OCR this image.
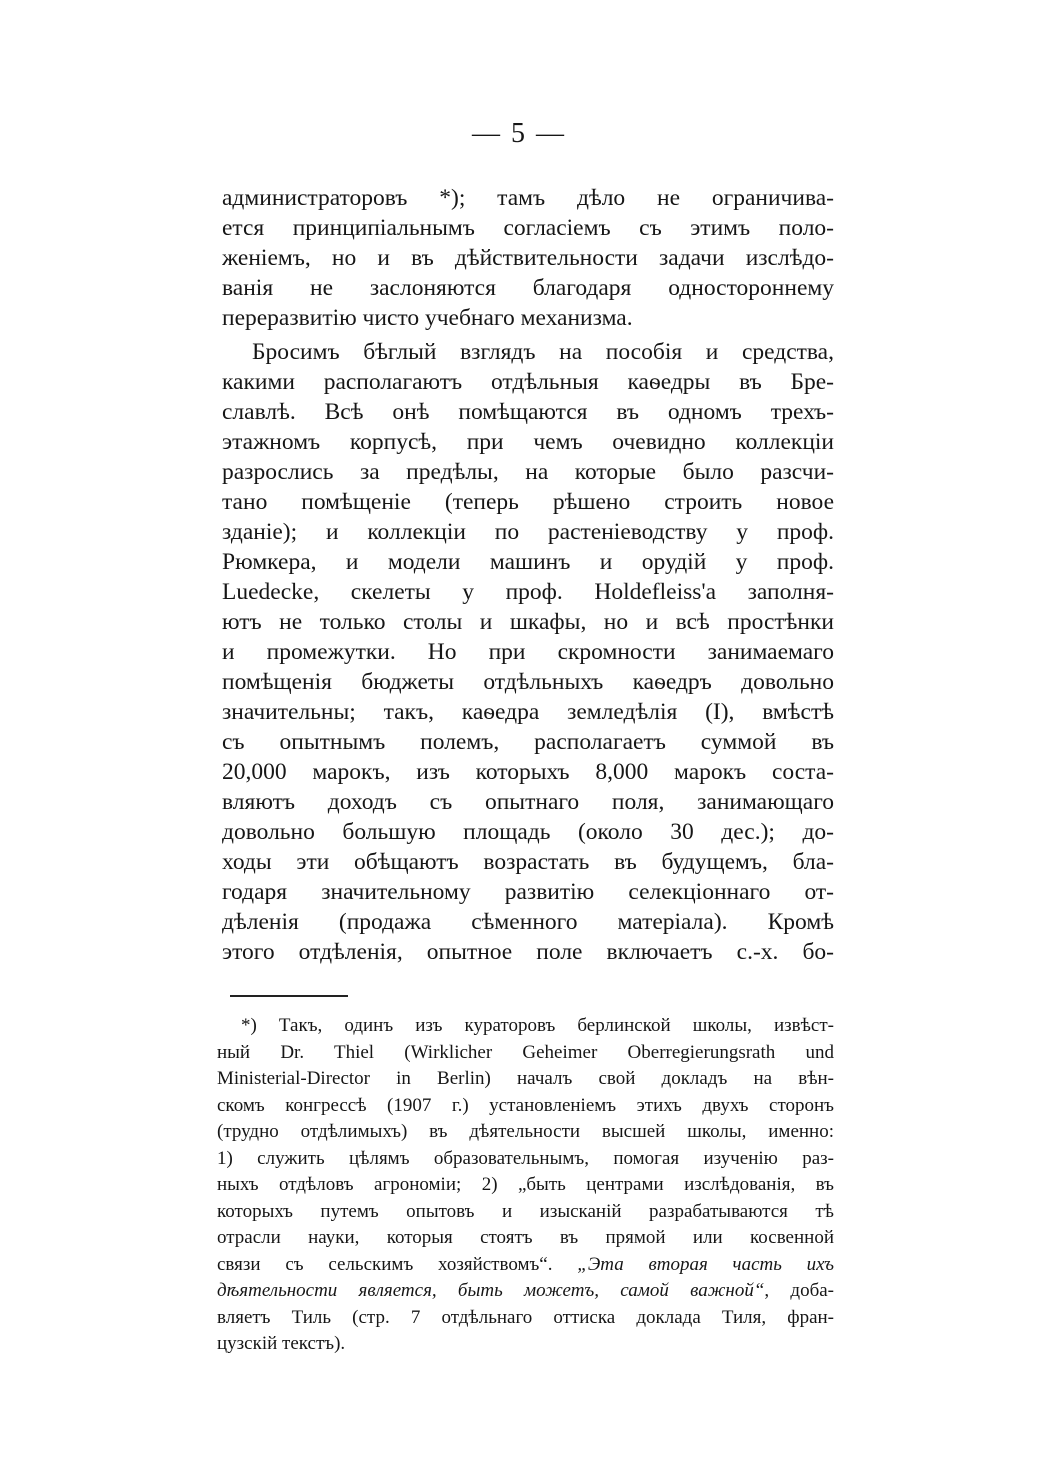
— 5 —
администраторовъ *); тамъ дѣло не ограничива-
ется принципіальнымъ согласіемъ съ этимъ поло-
женіемъ, но и въ дѣйствительности задачи изслѣдо-
ванія не заслоняются благодаря одностороннему
переразвитію чисто учебнаго механизма.
Бросимъ бѣглый взглядъ на пособія и средства,
какими располагаютъ отдѣльныя каѳедры въ Бре-
славлѣ. Всѣ онѣ помѣщаются въ одномъ трехъ-
этажномъ корпусѣ, при чемъ очевидно коллекціи
разрослись за предѣлы, на которые было разсчи-
тано помѣщеніе (теперь рѣшено строить новое
зданіе); и коллекціи по растеніеводству у проф.
Рюмкера, и модели машинъ и орудій у проф.
Luedecke, скелеты у проф. Holdefleiss'a заполня-
ютъ не только столы и шкафы, но и всѣ простѣнки
и промежутки. Но при скромности занимаемаго
помѣщенія бюджеты отдѣльныхъ каѳедръ довольно
значительны; такъ, каѳедра земледѣлія (I), вмѣстѣ
съ опытнымъ полемъ, располагаетъ суммой въ
20,000 марокъ, изъ которыхъ 8,000 марокъ соста-
вляютъ доходъ съ опытнаго поля, занимающаго
довольно большую площадь (около 30 дес.); до-
ходы эти обѣщаютъ возрастать въ будущемъ, бла-
годаря значительному развитію селекціоннаго от-
дѣленія (продажа сѣменного матеріала). Кромѣ
этого отдѣленія, опытное поле включаетъ с.-х. бо-
*) Такъ, одинъ изъ кураторовъ берлинской школы, извѣст-
ный Dr. Thiel (Wirklicher Geheimer Oberregierungsrath und
Ministerial-Director in Berlin) началъ свой докладъ на вѣн-
скомъ конгрессѣ (1907 г.) установленіемъ этихъ двухъ сторонъ
(трудно отдѣлимыхъ) въ дѣятельности высшей школы, именно:
1) служить цѣлямъ образовательнымъ, помогая изученію раз-
ныхъ отдѣловъ агрономіи; 2) „быть центрами изслѣдованія, въ
которыхъ путемъ опытовъ и изысканій разрабатываются тѣ
отрасли науки, которыя стоятъ въ прямой или косвенной
связи съ сельскимъ хозяйствомъ“. „Эта вторая часть ихъ
дѣятельности является, быть можетъ, самой важной“, доба-
вляетъ Тиль (стр. 7 отдѣльнаго оттиска доклада Тиля, фран-
цузскій текстъ).
